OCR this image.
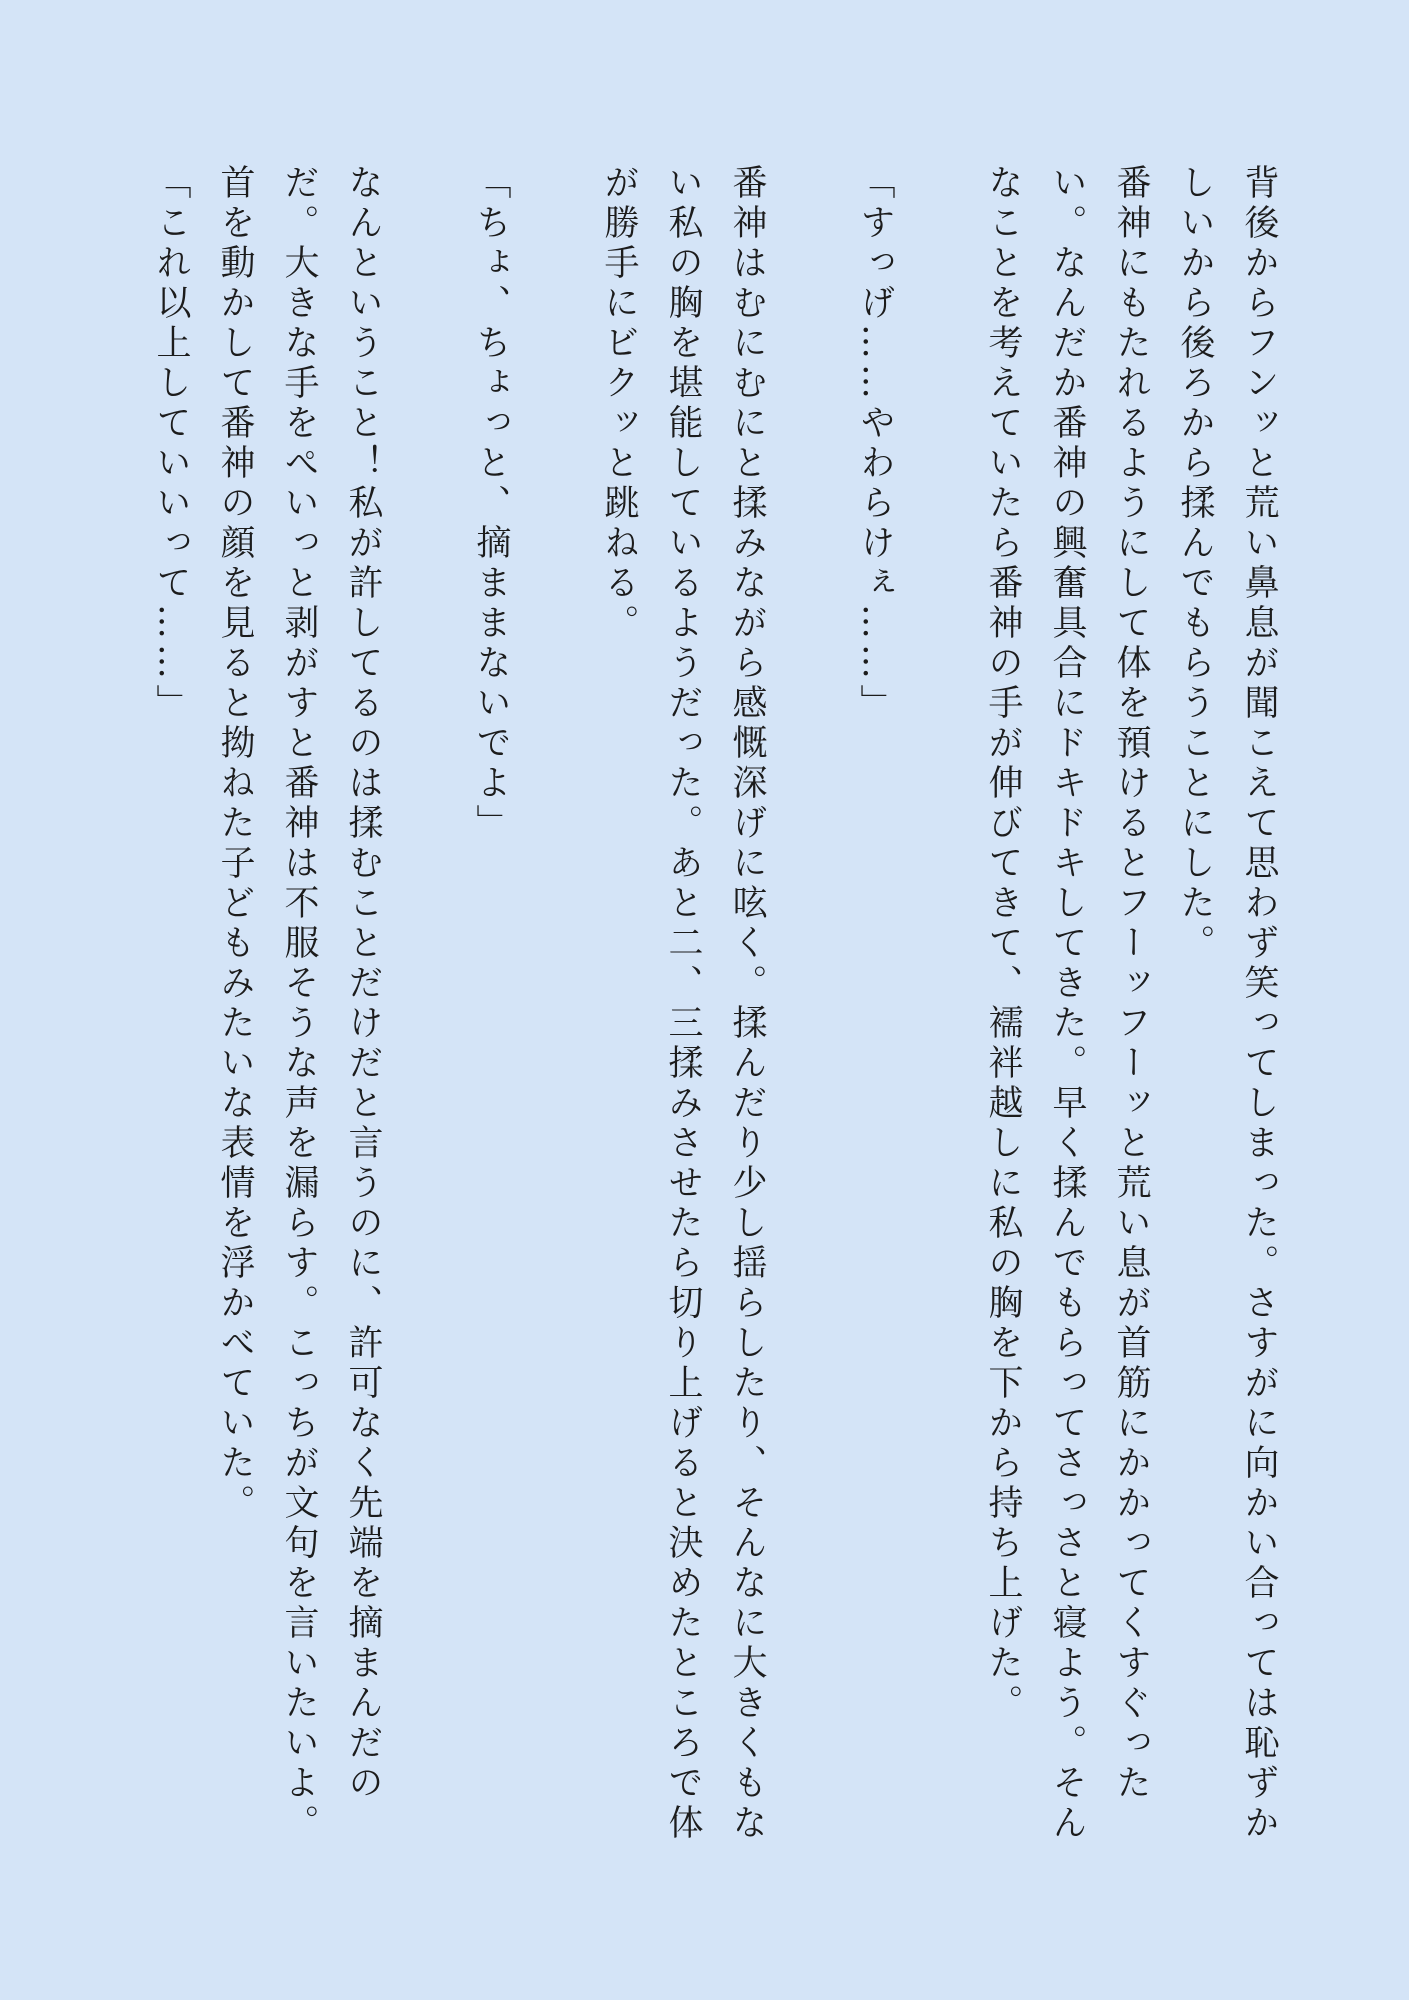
背後からフンッと荒い鼻息が聞こえて思わず笑ってしまった。さすがに向かい合っては恥ずかしいから後ろから揉んでもらうことにした。

番神にもたれるようにして体を預けるとフーッフーッと荒い息が首筋にかかってくすぐったい。なんだか番神の興奮具合にドキドキしてきた。早く揉んでもらってさっさと寝よう。そんなことを考えていたら番神の手が伸びてきて、襦袢越しに私の胸を下から持ち上げた。

「すっげ……やわらけぇ……」

番神はむにむにと揉みながら感慨深げに呟く。揉んだり少し揺らしたり、そんなに大きくもない私の胸を堪能しているようだった。あと二、三揉みさせたら切り上げると決めたところで体が勝手にビクッと跳ねる。

「ちょ、ちょっと、摘ままないでよ」

なんということ！私が許してるのは揉むことだけだと言うのに、許可なく先端を摘まんだのだ。大きな手をぺいっと剥がすと番神は不服そうな声を漏らす。こっちが文句を言いたいよ。首を動かして番神の顔を見ると拗ねた子どもみたいな表情を浮かべていた。

「これ以上していいって……」
